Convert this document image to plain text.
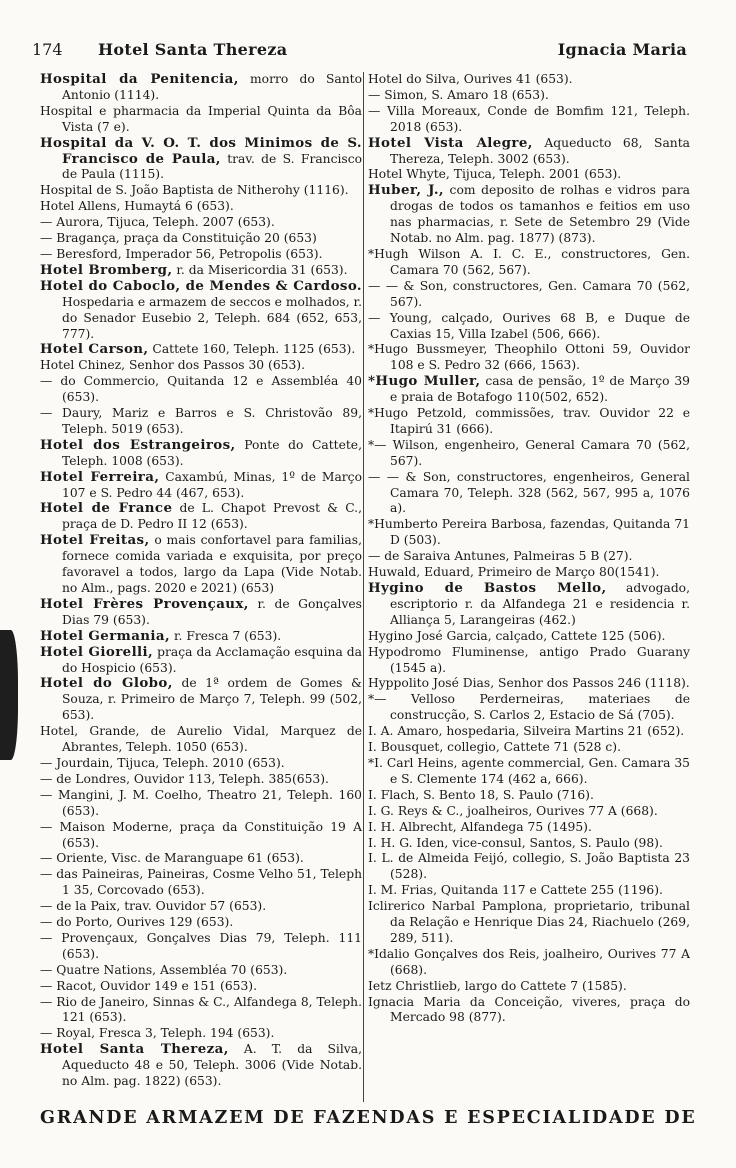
174 Hotel Santa Thereza	Ignacia Maria

Hospital da Penitencia, morro do Santo Antonio (1114).

Hospital e pharmacia da Imperial Quinta da Bôa Vista (7 e).

Hospital da V. O. T. dos Minimos de S. Francisco de Paula, trav. de S. Francisco de Paula (1115).

Hospital de S. João Baptista de Nitherohy (1116).

Hotel Allens, Humaytá 6 (653).

— Aurora, Tijuca, Teleph. 2007 (653).

— Bragança, praça da Constituição 20 (653)

— Beresford, Imperador 56, Petropolis (653).

Hotel Bromberg, r. da Misericordia 31 (653).

Hotel do Caboclo, de Mendes & Cardoso. Hospedaria e armazem de seccos e molhados, r. do Senador Eusebio 2, Teleph. 684 (652, 653, 777).

Hotel Carson, Cattete 160, Teleph. 1125 (653).

Hotel Chinez, Senhor dos Passos 30 (653).

— do Commercio, Quitanda 12 e Assembléa 40 (653).

— Daury, Mariz e Barros e S. Christovão 89, Teleph. 5019 (653).

Hotel dos Estrangeiros, Ponte do Cattete, Teleph. 1008 (653).

Hotel Ferreira, Caxambú, Minas, 1º de Março 107 e S. Pedro 44 (467, 653).

Hotel de France de L. Chapot Prevost & C., praça de D. Pedro II 12 (653).

Hotel Freitas, o mais confortavel para familias, fornece comida variada e exquisita, por preço favoravel a todos, largo da Lapa (Vide Notab. no Alm., pags. 2020 e 2021) (653)

Hotel Frères Provençaux, r. de Gonçalves Dias 79 (653).

Hotel Germania, r. Fresca 7 (653).

Hotel Giorelli, praça da Acclamação esquina da do Hospicio (653).

Hotel do Globo, de 1ª ordem de Gomes & Souza, r. Primeiro de Março 7, Teleph. 99 (502, 653).

Hotel, Grande, de Aurelio Vidal, Marquez de Abrantes, Teleph. 1050 (653).

— Jourdain, Tijuca, Teleph. 2010 (653).

— de Londres, Ouvidor 113, Teleph. 385(653).

— Mangini, J. M. Coelho, Theatro 21, Teleph. 160 (653).

— Maison Moderne, praça da Constituição 19 A (653).

— Oriente, Visc. de Maranguape 61 (653).

— das Paineiras, Paineiras, Cosme Velho 51, Teleph 1 35, Corcovado (653).

— de la Paix, trav. Ouvidor 57 (653).

— do Porto, Ourives 129 (653).

— Provençaux, Gonçalves Dias 79, Teleph. 111 (653).

— Quatre Nations, Assembléa 70 (653).

— Racot, Ouvidor 149 e 151 (653).

— Rio de Janeiro, Sinnas & C., Alfandega 8, Teleph. 121 (653).

— Royal, Fresca 3, Teleph. 194 (653).

Hotel Santa Thereza, A. T. da Silva, Aqueducto 48 e 50, Teleph. 3006 (Vide Notab. no Alm. pag. 1822) (653).

Hotel do Silva, Ourives 41 (653).

— Simon, S. Amaro 18 (653).

— Villa Moreaux, Conde de Bomfim 121, Teleph. 2018 (653).

Hotel Vista Alegre, Aqueducto 68, Santa Thereza, Teleph. 3002 (653).

Hotel Whyte, Tijuca, Teleph. 2001 (653).

Huber, J., com deposito de rolhas e vidros para drogas de todos os tamanhos e feitios em uso nas pharmacias, r. Sete de Setembro 29 (Vide Notab. no Alm. pag. 1877) (873).

*Hugh Wilson A. I. C. E., constructores, Gen. Camara 70 (562, 567).

— — & Son, constructores, Gen. Camara 70 (562, 567).

— Young, calçado, Ourives 68 B, e Duque de Caxias 15, Villa Izabel (506, 666).

*Hugo Bussmeyer, Theophilo Ottoni 59, Ouvidor 108 e S. Pedro 32 (666, 1563).

*Hugo Muller, casa de pensão, 1º de Março 39 e praia de Botafogo 110(502, 652).

*Hugo Petzold, commissões, trav. Ouvidor 22 e Itapirú 31 (666).

*— Wilson, engenheiro, General Camara 70 (562, 567).

— — & Son, constructores, engenheiros, General Camara 70, Teleph. 328 (562, 567, 995 a, 1076 a).

*Humberto Pereira Barbosa, fazendas, Quitanda 71 D (503).

— de Saraiva Antunes, Palmeiras 5 B (27).

Huwald, Eduard, Primeiro de Março 80(1541).

Hygino de Bastos Mello, advogado, escriptorio r. da Alfandega 21 e residencia r. Alliança 5, Larangeiras (462.)

Hygino José Garcia, calçado, Cattete 125 (506).

Hypodromo Fluminense, antigo Prado Guarany (1545 a).

Hyppolito José Dias, Senhor dos Passos 246 (1118).

*— Velloso Perderneiras, materiaes de construcção, S. Carlos 2, Estacio de Sá (705).

I. A. Amaro, hospedaria, Silveira Martins 21 (652).

I. Bousquet, collegio, Cattete 71 (528 c).

*I. Carl Heins, agente commercial, Gen. Camara 35 e S. Clemente 174 (462 a, 666).

I. Flach, S. Bento 18, S. Paulo (716).

I. G. Reys & C., joalheiros, Ourives 77 A (668).

I. H. Albrecht, Alfandega 75 (1495).

I. H. G. Iden, vice-consul, Santos, S. Paulo (98).

I. L. de Almeida Feijó, collegio, S. João Baptista 23 (528).

I. M. Frias, Quitanda 117 e Cattete 255 (1196).

Iclirerico Narbal Pamplona, proprietario, tribunal da Relação e Henrique Dias 24, Riachuelo (269, 289, 511).

*Idalio Gonçalves dos Reis, joalheiro, Ourives 77 A (668).

Ietz Christlieb, largo do Cattete 7 (1585).

Ignacia Maria da Conceição, viveres, praça do Mercado 98 (877).

GRANDE ARMAZEM DE FAZENDAS E ESPECIALIDADE DE
